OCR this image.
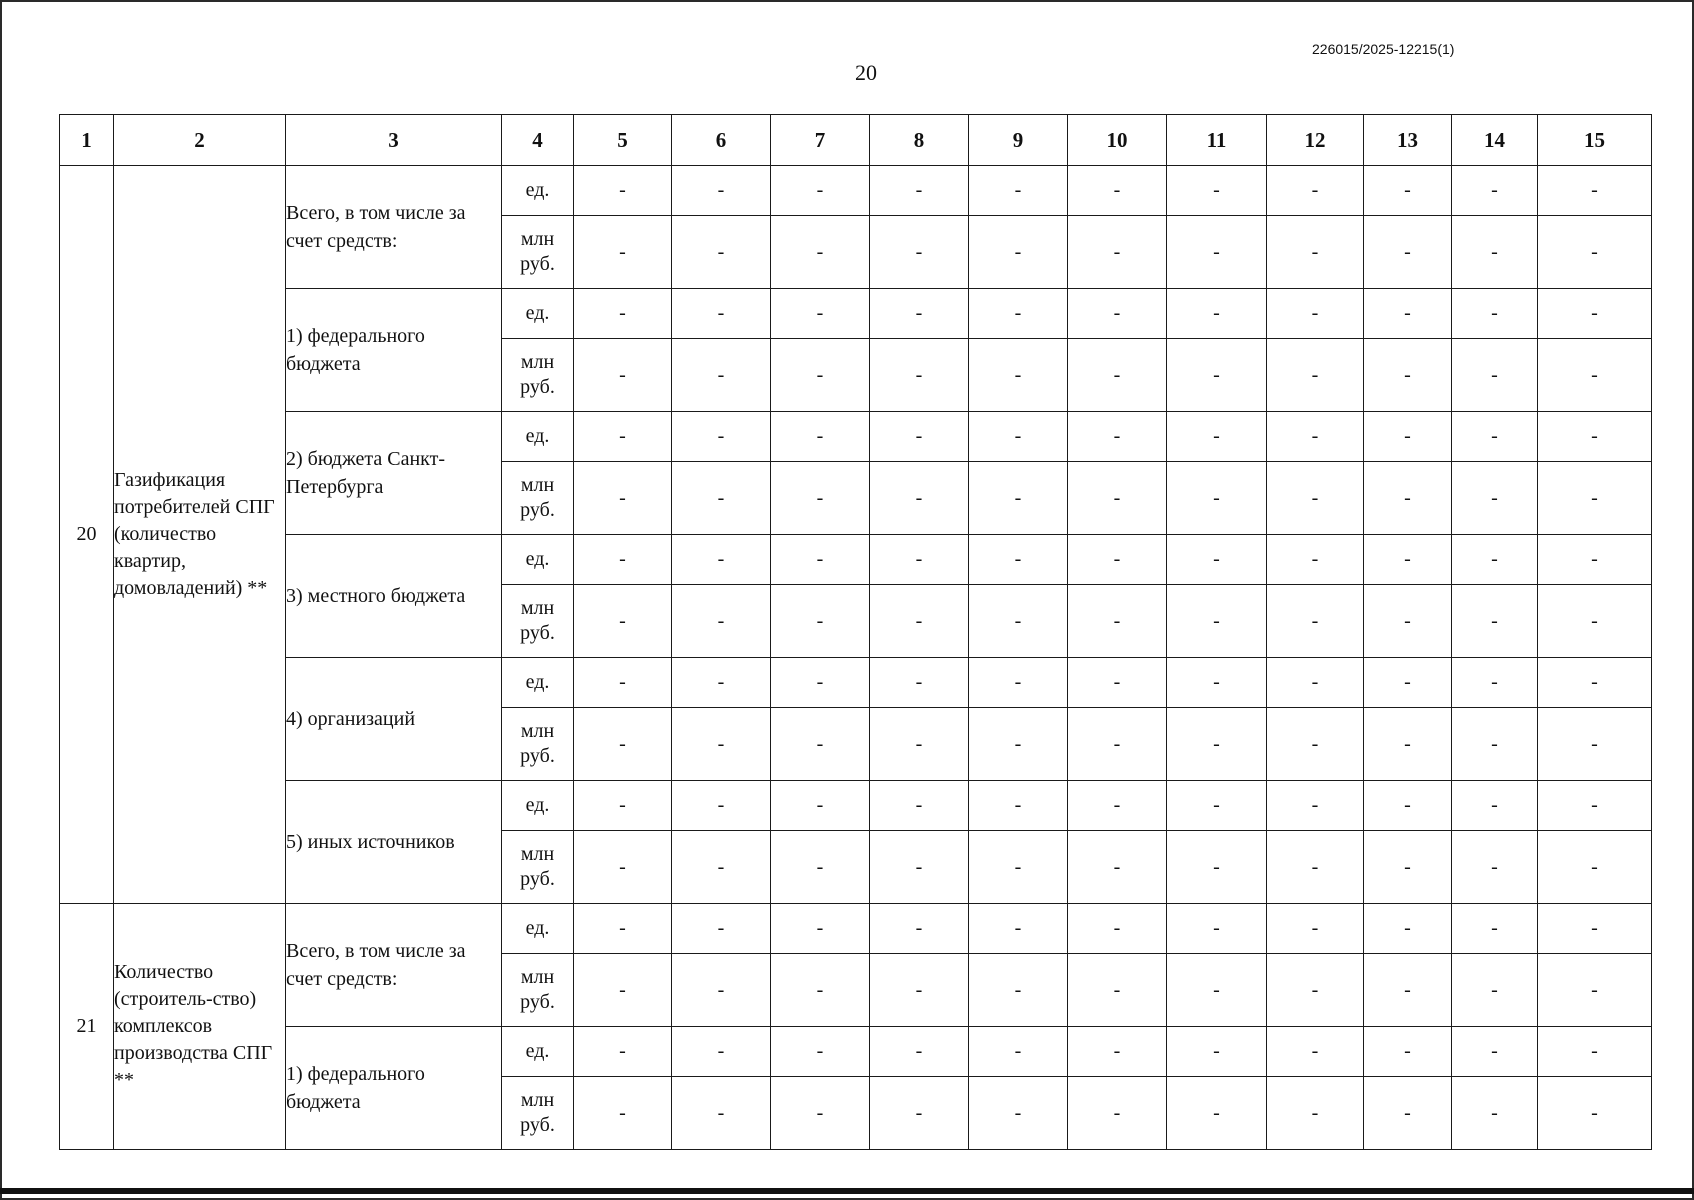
226015/2025-12215(1)
20
1	2	3	4	5	6	7	8	9	10	11	12	13	14	15
20	Газификация потребителей СПГ (количество квартир, домовладений) **	Всего, в том числе за счет средств:	ед.	-	-	-	-	-	-	-	-	-	-	-
			млн руб.	-	-	-	-	-	-	-	-	-	-	-
		1) федерального бюджета	ед.	-	-	-	-	-	-	-	-	-	-	-
			млн руб.	-	-	-	-	-	-	-	-	-	-	-
		2) бюджета Санкт-Петербурга	ед.	-	-	-	-	-	-	-	-	-	-	-
			млн руб.	-	-	-	-	-	-	-	-	-	-	-
		3) местного бюджета	ед.	-	-	-	-	-	-	-	-	-	-	-
			млн руб.	-	-	-	-	-	-	-	-	-	-	-
		4) организаций	ед.	-	-	-	-	-	-	-	-	-	-	-
			млн руб.	-	-	-	-	-	-	-	-	-	-	-
		5) иных источников	ед.	-	-	-	-	-	-	-	-	-	-	-
			млн руб.	-	-	-	-	-	-	-	-	-	-	-
21	Количество (строитель-ство) комплексов производства СПГ **	Всего, в том числе за счет средств:	ед.	-	-	-	-	-	-	-	-	-	-	-
			млн руб.	-	-	-	-	-	-	-	-	-	-	-
		1) федерального бюджета	ед.	-	-	-	-	-	-	-	-	-	-	-
			млн руб.	-	-	-	-	-	-	-	-	-	-	-
